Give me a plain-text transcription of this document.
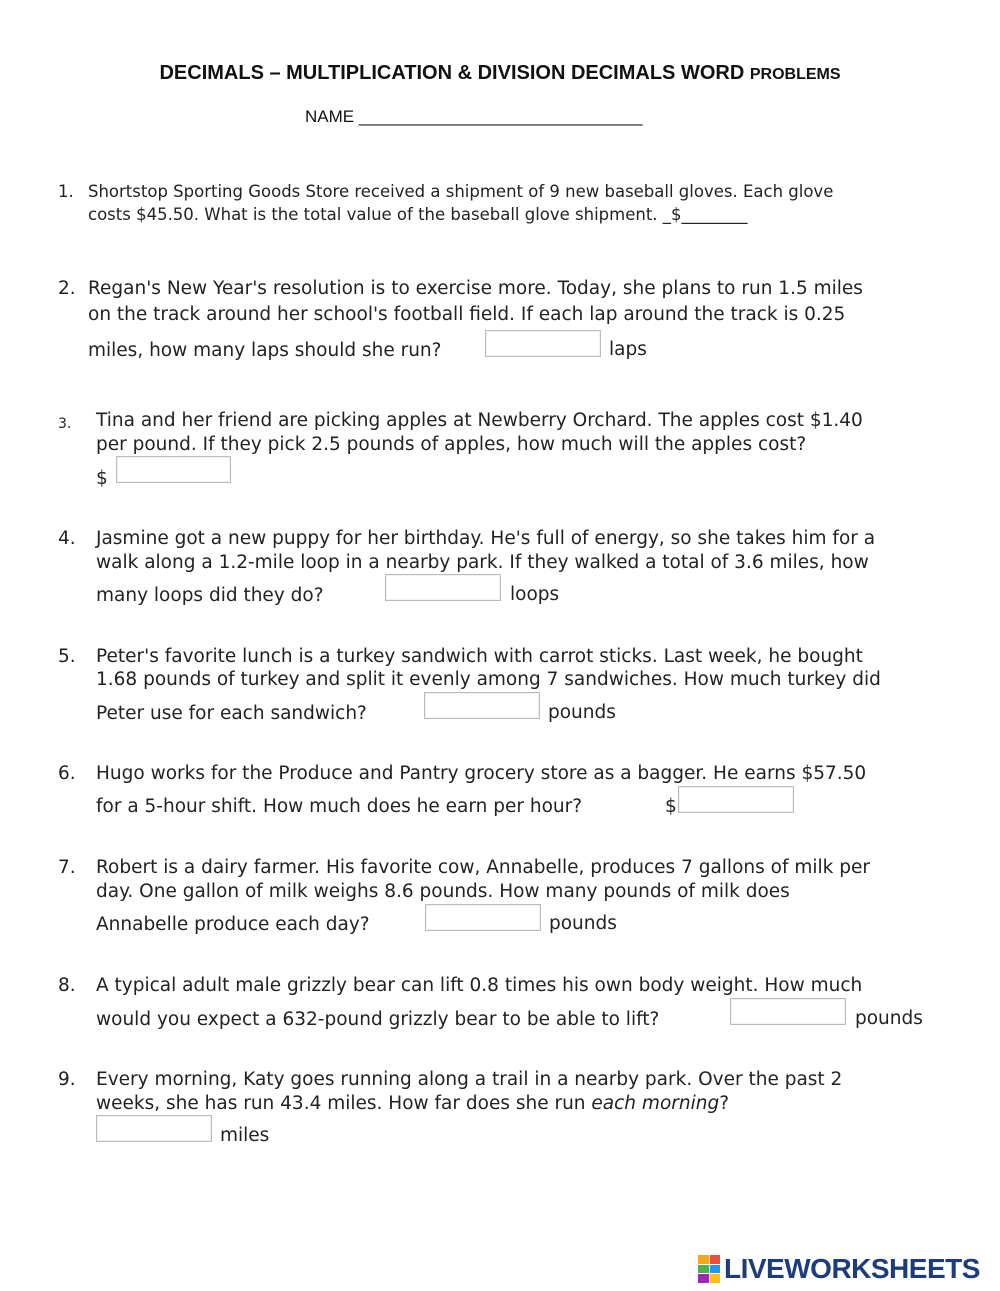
DECIMALS – MULTIPLICATION & DIVISION DECIMALS WORD PROBLEMS
NAME ______________________________
1. Shortstop Sporting Goods Store received a shipment of 9 new baseball gloves. Each glove
costs $45.50. What is the total value of the baseball glove shipment. _$________
2. Regan's New Year's resolution is to exercise more. Today, she plans to run 1.5 miles
on the track around her school's football field. If each lap around the track is 0.25
miles, how many laps should she run?	laps
3. Tina and her friend are picking apples at Newberry Orchard. The apples cost $1.40
per pound. If they pick 2.5 pounds of apples, how much will the apples cost?
$
4. Jasmine got a new puppy for her birthday. He's full of energy, so she takes him for a
walk along a 1.2-mile loop in a nearby park. If they walked a total of 3.6 miles, how
many loops did they do?	loops
5. Peter's favorite lunch is a turkey sandwich with carrot sticks. Last week, he bought
1.68 pounds of turkey and split it evenly among 7 sandwiches. How much turkey did
Peter use for each sandwich?	pounds
6. Hugo works for the Produce and Pantry grocery store as a bagger. He earns $57.50
for a 5-hour shift. How much does he earn per hour?	$
7. Robert is a dairy farmer. His favorite cow, Annabelle, produces 7 gallons of milk per
day. One gallon of milk weighs 8.6 pounds. How many pounds of milk does
Annabelle produce each day?	pounds
8. A typical adult male grizzly bear can lift 0.8 times his own body weight. How much
would you expect a 632-pound grizzly bear to be able to lift?	pounds
9. Every morning, Katy goes running along a trail in a nearby park. Over the past 2
weeks, she has run 43.4 miles. How far does she run each morning?
miles
LIVEWORKSHEETS
